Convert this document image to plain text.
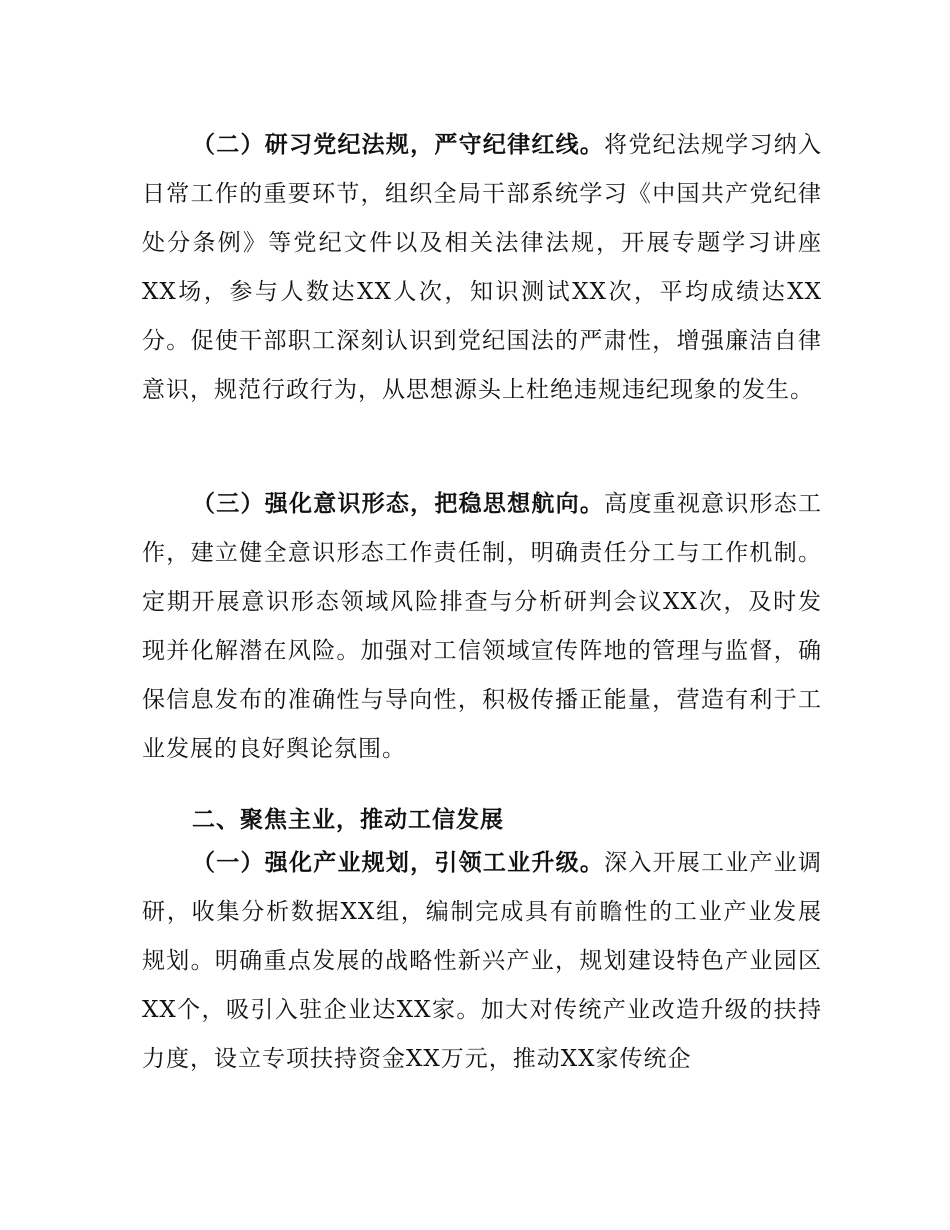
（二）研习党纪法规，严守纪律红线。将党纪法规学习纳入日常工作的重要环节，组织全局干部系统学习《中国共产党纪律处分条例》等党纪文件以及相关法律法规，开展专题学习讲座XX场，参与人数达XX人次，知识测试XX次，平均成绩达XX分。促使干部职工深刻认识到党纪国法的严肃性，增强廉洁自律意识，规范行政行为，从思想源头上杜绝违规违纪现象的发生。

（三）强化意识形态，把稳思想航向。高度重视意识形态工作，建立健全意识形态工作责任制，明确责任分工与工作机制。定期开展意识形态领域风险排查与分析研判会议XX次，及时发现并化解潜在风险。加强对工信领域宣传阵地的管理与监督，确保信息发布的准确性与导向性，积极传播正能量，营造有利于工业发展的良好舆论氛围。

二、聚焦主业，推动工信发展

（一）强化产业规划，引领工业升级。深入开展工业产业调研，收集分析数据XX组，编制完成具有前瞻性的工业产业发展规划。明确重点发展的战略性新兴产业，规划建设特色产业园区XX个，吸引入驻企业达XX家。加大对传统产业改造升级的扶持力度，设立专项扶持资金XX万元，推动XX家传统企
